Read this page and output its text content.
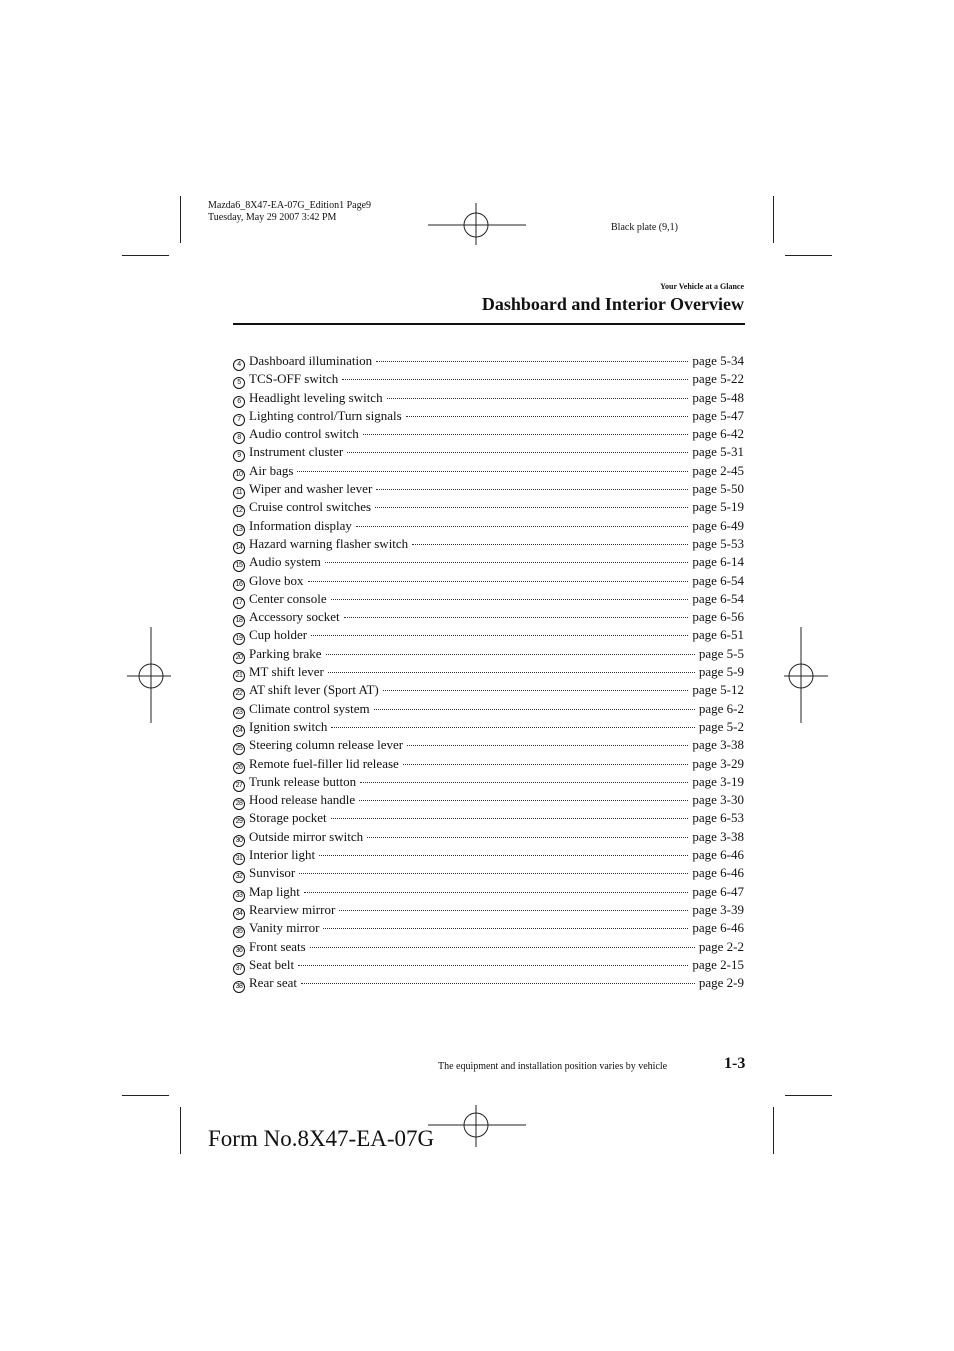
Mazda6_8X47-EA-07G_Edition1 Page9
Tuesday, May 29 2007 3:42 PM
Black plate (9,1)
Your Vehicle at a Glance
Dashboard and Interior Overview
4 Dashboard illumination	page 5-34
5 TCS-OFF switch	page 5-22
6 Headlight leveling switch	page 5-48
7 Lighting control/Turn signals	page 5-47
8 Audio control switch	page 6-42
9 Instrument cluster	page 5-31
10 Air bags	page 2-45
11 Wiper and washer lever	page 5-50
12 Cruise control switches	page 5-19
13 Information display	page 6-49
14 Hazard warning flasher switch	page 5-53
15 Audio system	page 6-14
16 Glove box	page 6-54
17 Center console	page 6-54
18 Accessory socket	page 6-56
19 Cup holder	page 6-51
20 Parking brake	page 5-5
21 MT shift lever	page 5-9
22 AT shift lever (Sport AT)	page 5-12
23 Climate control system	page 6-2
24 Ignition switch	page 5-2
25 Steering column release lever	page 3-38
26 Remote fuel-filler lid release	page 3-29
27 Trunk release button	page 3-19
28 Hood release handle	page 3-30
29 Storage pocket	page 6-53
30 Outside mirror switch	page 3-38
31 Interior light	page 6-46
32 Sunvisor	page 6-46
33 Map light	page 6-47
34 Rearview mirror	page 3-39
35 Vanity mirror	page 6-46
36 Front seats	page 2-2
37 Seat belt	page 2-15
38 Rear seat	page 2-9
The equipment and installation position varies by vehicle	1-3
Form No.8X47-EA-07G
